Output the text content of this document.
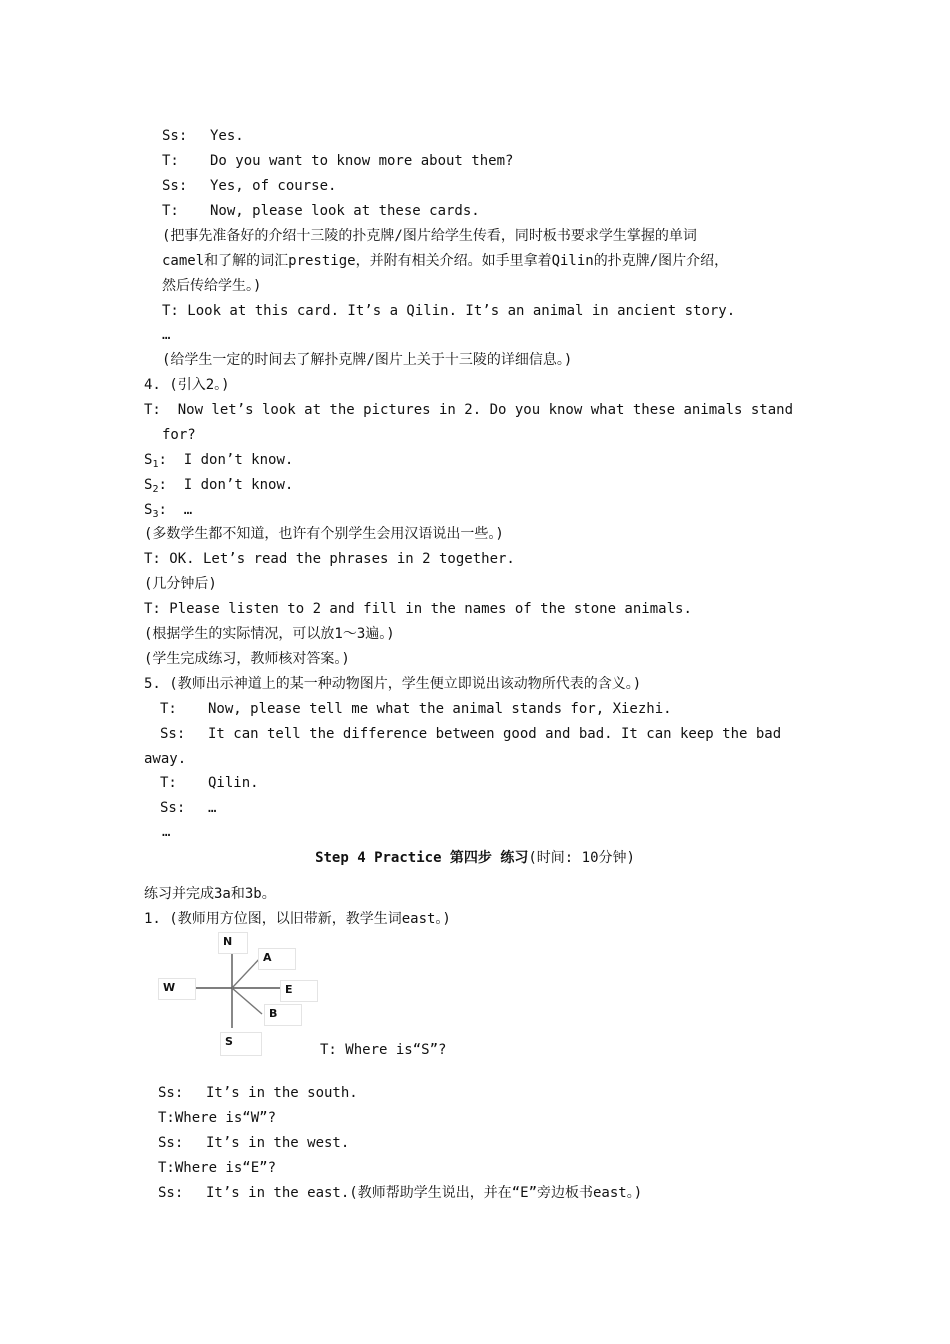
Ss: Yes.
T: Do you want to know more about them?
Ss: Yes, of course.
T: Now, please look at these cards.
(把事先准备好的介绍十三陵的扑克牌/图片给学生传看，同时板书要求学生掌握的单词
camel和了解的词汇prestige，并附有相关介绍。如手里拿着Qilin的扑克牌/图片介绍，
然后传给学生。)
T: Look at this card. It’s a Qilin. It’s an animal in ancient story.
…
(给学生一定的时间去了解扑克牌/图片上关于十三陵的详细信息。)
4. (引入2。)
T:  Now let’s look at the pictures in 2. Do you know what these animals stand
for?
$S_1$:  I don’t know.
$S_2$:  I don’t know.
$S_3$:  …
(多数学生都不知道，也许有个别学生会用汉语说出一些。)
T: OK. Let’s read the phrases in 2 together.
(几分钟后)
T: Please listen to 2 and fill in the names of the stone animals.
(根据学生的实际情况，可以放1～3遍。)
(学生完成练习，教师核对答案。)
5. (教师出示神道上的某一种动物图片，学生便立即说出该动物所代表的含义。)
T: Now, please tell me what the animal stands for, Xiezhi.
Ss: It can tell the difference between good and bad. It can keep the bad
away.
T: Qilin.
Ss: …
…
Step 4 Practice 第四步 练习(时间: 10分钟)
练习并完成3a和3b。
1. (教师用方位图，以旧带新，教学生词east。)
N
A
W	E
B
S
T: Where is“S”?
Ss: It’s in the south.
T:Where is“W”?
Ss: It’s in the west.
T:Where is“E”?
Ss: It’s in the east.(教师帮助学生说出，并在“E”旁边板书east。)
